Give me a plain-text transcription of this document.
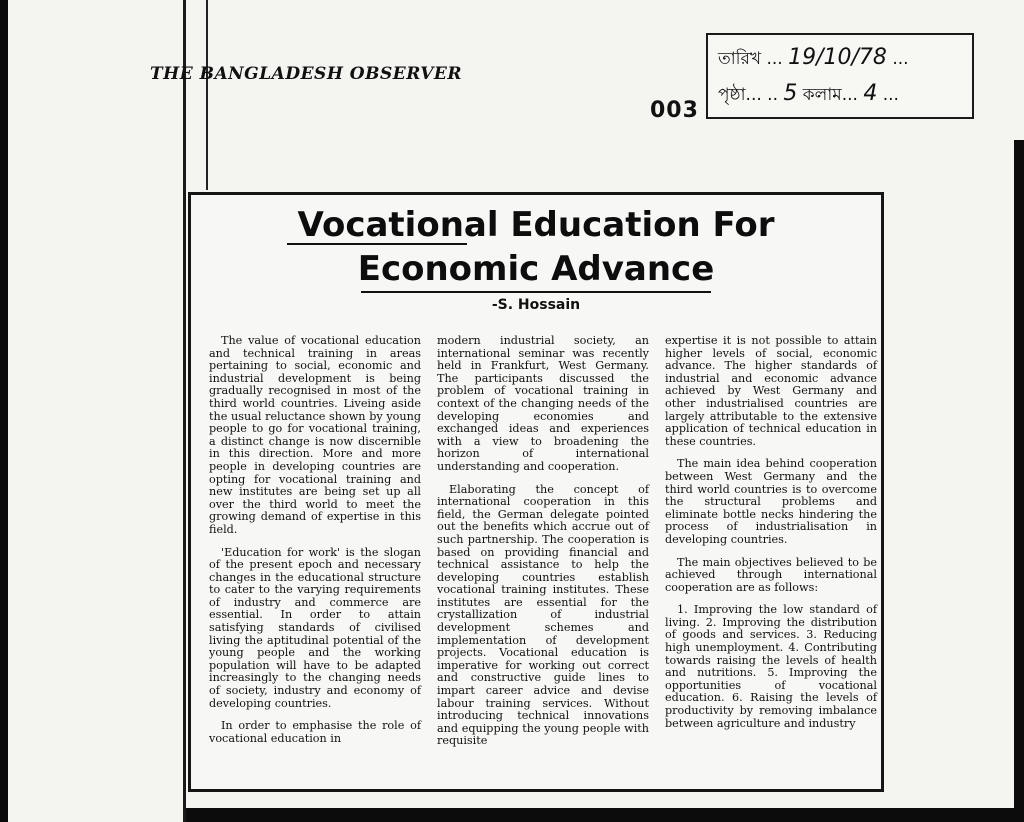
THE BANGLADESH OBSERVER
003
তারিখ ... 19/10/78 ...
পৃষ্ঠা... .. 5 কলাম... 4 ...
Vocational Education For
Economic Advance
-S. Hossain

The value of vocational education and technical training in areas pertaining to social, economic and industrial development is being gradually recognised in most of the third world countries. Liveing aside the usual reluctance shown by young people to go for vocational training, a distinct change is now discernible in this direction. More and more people in developing countries are opting for vocational training and new institutes are being set up all over the third world to meet the growing demand of expertise in this field.

'Education for work' is the slogan of the present epoch and necessary changes in the educational structure to cater to the varying requirements of industry and commerce are essential. In order to attain satisfying standards of civilised living the aptitudinal potential of the young people and the working population will have to be adapted increasingly to the changing needs of society, industry and economy of developing countries.

In order to emphasise the role of vocational education in

modern industrial society, an international seminar was recently held in Frankfurt, West Germany. The participants discussed the problem of vocational training in context of the changing needs of the developing economies and exchanged ideas and experiences with a view to broadening the horizon of international understanding and cooperation.

Elaborating the concept of international cooperation in this field, the German delegate pointed out the benefits which accrue out of such partnership. The cooperation is based on providing financial and technical assistance to help the developing countries establish vocational training institutes. These institutes are essential for the crystallization of industrial development schemes and implementation of development projects. Vocational education is imperative for working out correct and constructive guide lines to impart career advice and devise labour training services. Without introducing technical innovations and equipping the young people with requisite

expertise it is not possible to attain higher levels of social, economic advance. The higher standards of industrial and economic advance achieved by West Germany and other industrialised countries are largely attributable to the extensive application of technical education in these countries.

The main idea behind cooperation between West Germany and the third world countries is to overcome the structural problems and eliminate bottle necks hindering the process of industrialisation in developing countries.

The main objectives believed to be achieved through international cooperation are as follows:

1. Improving the low standard of living. 2. Improving the distribution of goods and services. 3. Reducing high unemployment. 4. Contributing towards raising the levels of health and nutritions. 5. Improving the opportunities of vocational education. 6. Raising the levels of productivity by removing imbalance between agriculture and industry
